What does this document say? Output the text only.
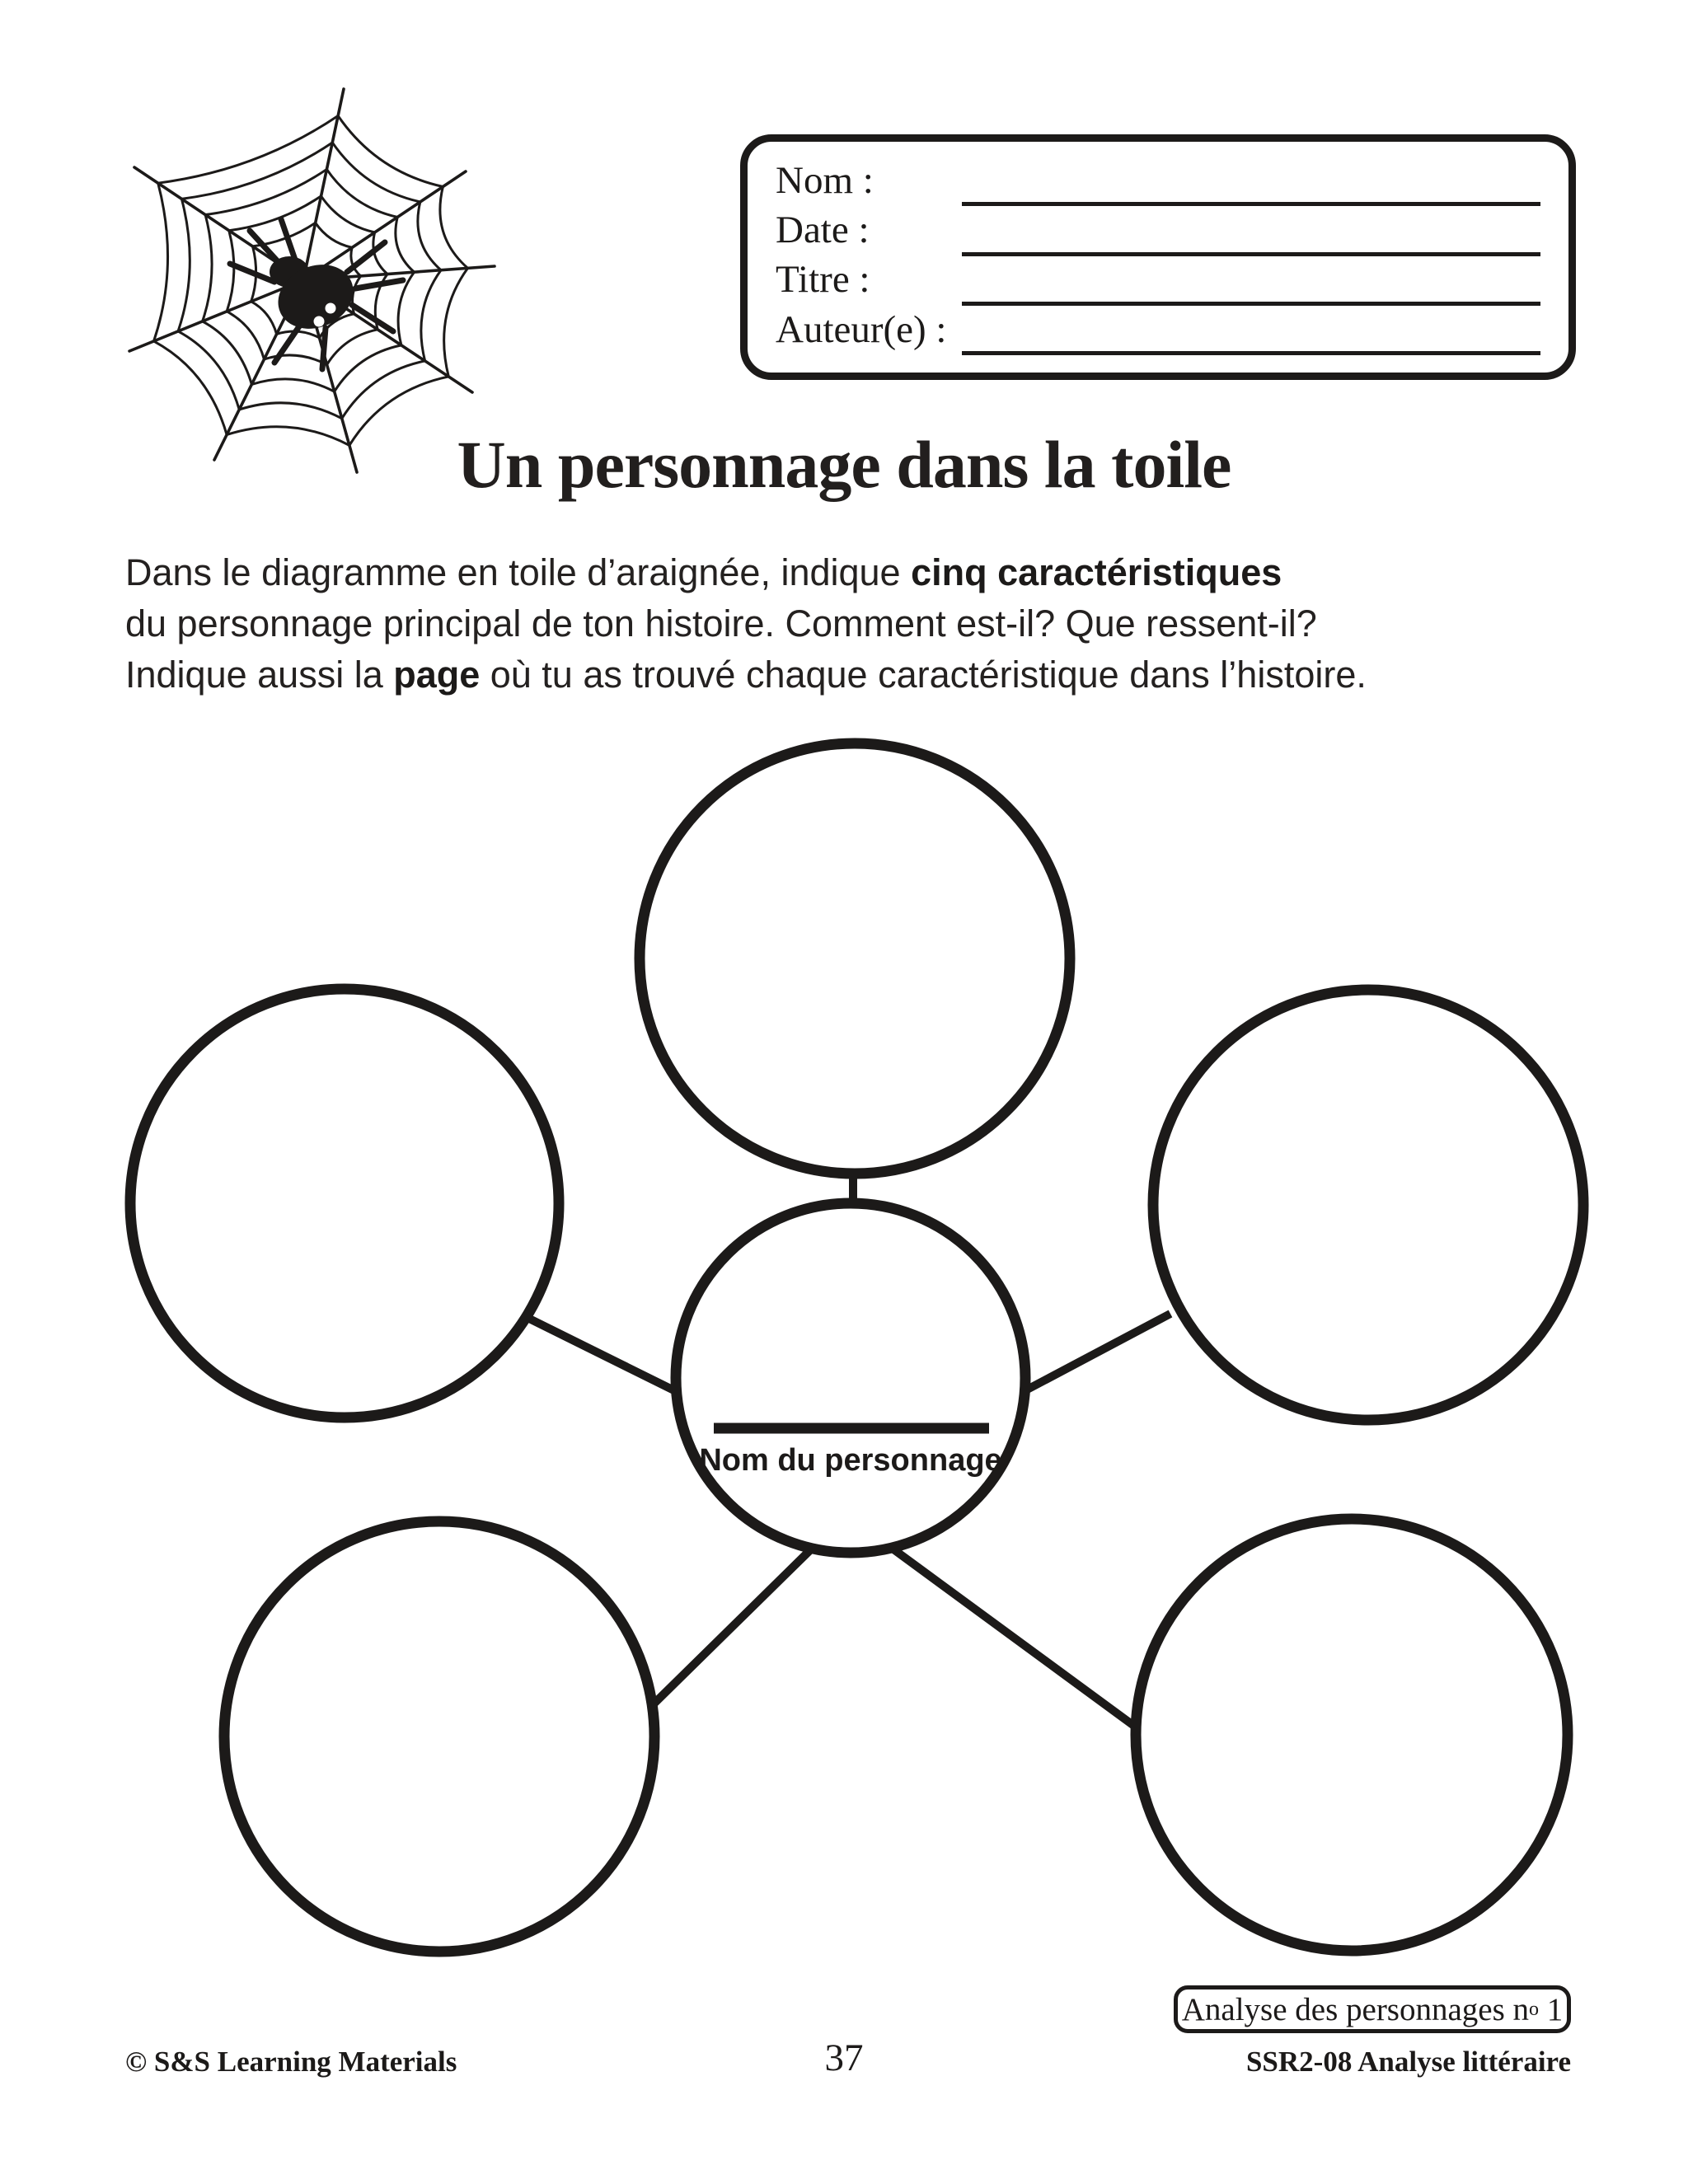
Nom :
Date :
Titre :
Auteur(e) :
Un personnage dans la toile
Dans le diagramme en toile d’araignée, indique cinq caractéristiques
du personnage principal de ton histoire. Comment est-il? Que ressent-il?
Indique aussi la page où tu as trouvé chaque caractéristique dans l’histoire.
Nom du personnage
Analyse des personnages n o 1
© S&S Learning Materials	37	SSR2-08 Analyse littéraire
